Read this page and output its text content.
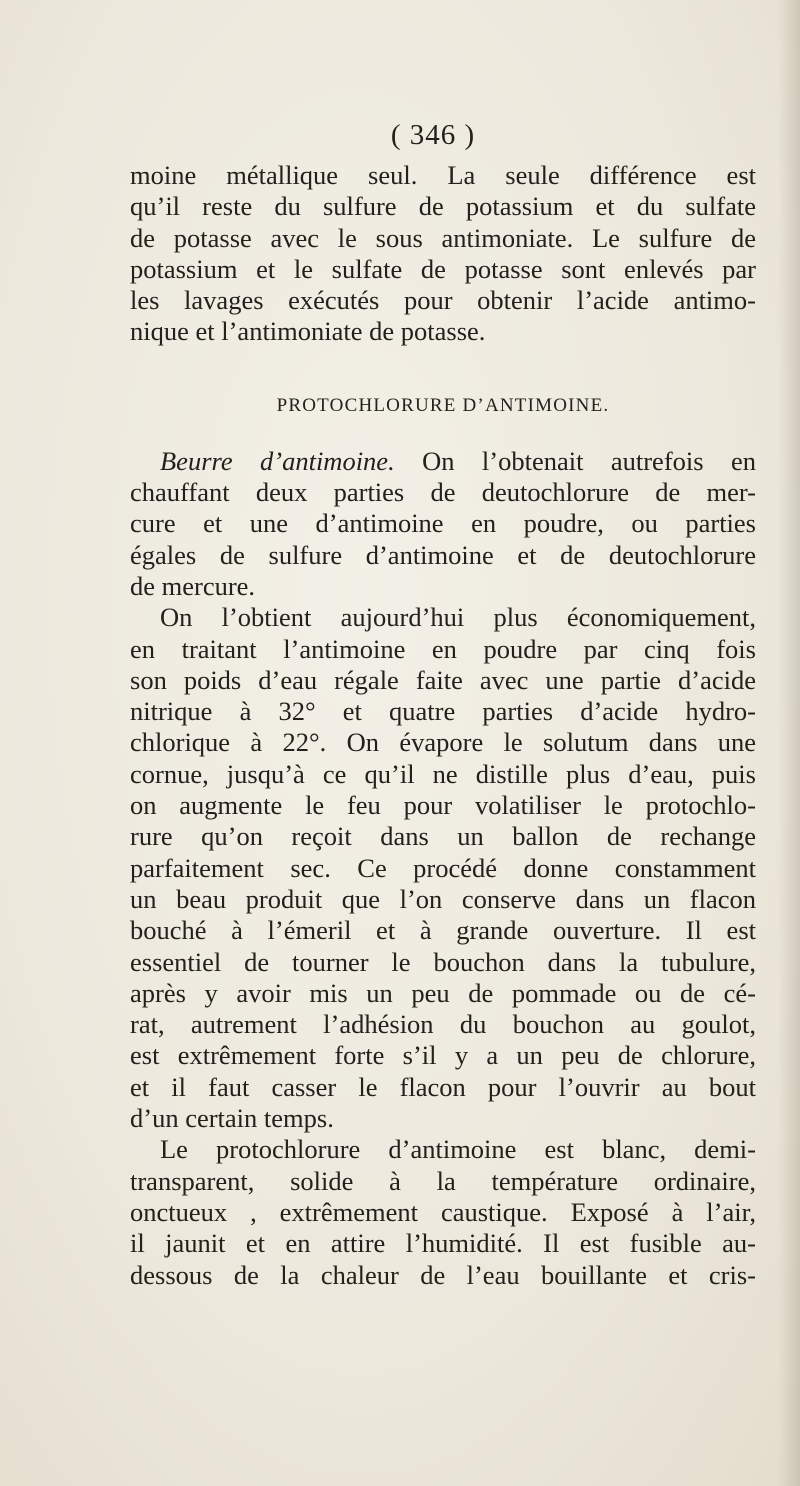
( 346 )
moine métallique seul. La seule différence est
qu’il reste du sulfure de potassium et du sulfate
de potasse avec le sous antimoniate. Le sulfure de
potassium et le sulfate de potasse sont enlevés par
les lavages exécutés pour obtenir l’acide antimo-
nique et l’antimoniate de potasse.
PROTOCHLORURE D’ANTIMOINE.
Beurre d’antimoine. On l’obtenait autrefois en
chauffant deux parties de deutochlorure de mer-
cure et une d’antimoine en poudre, ou parties
égales de sulfure d’antimoine et de deutochlorure
de mercure.
On l’obtient aujourd’hui plus économiquement,
en traitant l’antimoine en poudre par cinq fois
son poids d’eau régale faite avec une partie d’acide
nitrique à 32° et quatre parties d’acide hydro-
chlorique à 22°. On évapore le solutum dans une
cornue, jusqu’à ce qu’il ne distille plus d’eau, puis
on augmente le feu pour volatiliser le protochlo-
rure qu’on reçoit dans un ballon de rechange
parfaitement sec. Ce procédé donne constamment
un beau produit que l’on conserve dans un flacon
bouché à l’émeril et à grande ouverture. Il est
essentiel de tourner le bouchon dans la tubulure,
après y avoir mis un peu de pommade ou de cé-
rat, autrement l’adhésion du bouchon au goulot,
est extrêmement forte s’il y a un peu de chlorure,
et il faut casser le flacon pour l’ouvrir au bout
d’un certain temps.
Le protochlorure d’antimoine est blanc, demi-
transparent, solide à la température ordinaire,
onctueux , extrêmement caustique. Exposé à l’air,
il jaunit et en attire l’humidité. Il est fusible au-
dessous de la chaleur de l’eau bouillante et cris-
